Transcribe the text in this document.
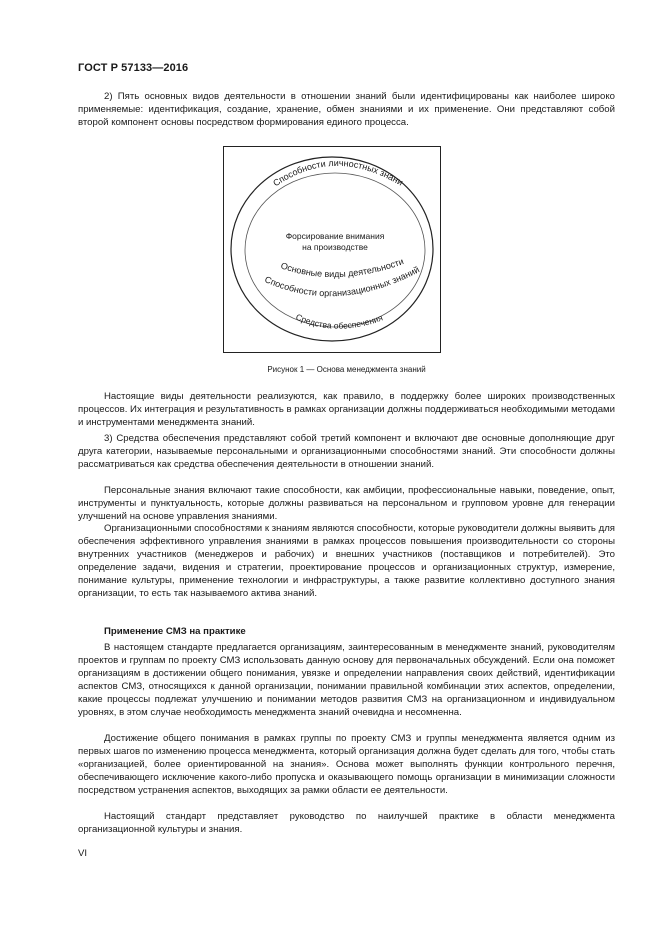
ГОСТ Р 57133—2016

2) Пять основных видов деятельности в отношении знаний были идентифицированы как наиболее широко применяемые: идентификация, создание, хранение, обмен знаниями и их применение. Они представляют собой второй компонент основы посредством формирования единого процесса.

Способности личностных знани
Форсирование внимания
на производстве
Основные виды деятельности
Способности организационных знаний
Средства обеспечения
Рисунок 1 — Основа менеджмента знаний

Настоящие виды деятельности реализуются, как правило, в поддержку более широких производственных процессов. Их интеграция и результативность в рамках организации должны поддерживаться необходимыми методами и инструментами менеджмента знаний.

3) Средства обеспечения представляют собой третий компонент и включают две основные дополняющие друг друга категории, называемые персональными и организационными способностями знаний. Эти способности должны рассматриваться как средства обеспечения деятельности в отношении знаний.

Персональные знания включают такие способности, как амбиции, профессиональные навыки, поведение, опыт, инструменты и пунктуальность, которые должны развиваться на персональном и групповом уровне для генерации улучшений на основе управления знаниями.

Организационными способностями к знаниям являются способности, которые руководители должны выявить для обеспечения эффективного управления знаниями в рамках процессов повышения производительности со стороны внутренних участников (менеджеров и рабочих) и внешних участников (поставщиков и потребителей). Это определение задачи, видения и стратегии, проектирование процессов и организационных структур, измерение, понимание культуры, применение технологии и инфраструктуры, а также развитие коллективно доступного знания организации, то есть так называемого актива знаний.

Применение СМЗ на практике

В настоящем стандарте предлагается организациям, заинтересованным в менеджменте знаний, руководителям проектов и группам по проекту СМЗ использовать данную основу для первоначальных обсуждений. Если она поможет организациям в достижении общего понимания, увязке и определении направления своих действий, идентификации аспектов СМЗ, относящихся к данной организации, понимании правильной комбинации этих аспектов, определении, какие процессы подлежат улучшению и понимании методов развития СМЗ на организационном и индивидуальном уровнях, в этом случае необходимость менеджмента знаний очевидна и несомненна.

Достижение общего понимания в рамках группы по проекту СМЗ и группы менеджмента является одним из первых шагов по изменению процесса менеджмента, который организация должна будет сделать для того, чтобы стать «организацией, более ориентированной на знания». Основа может выполнять функции контрольного перечня, обеспечивающего исключение какого-либо пропуска и оказывающего помощь организации в минимизации сложности посредством устранения аспектов, выходящих за рамки области ее деятельности.

Настоящий стандарт представляет руководство по наилучшей практике в области менеджмента организационной культуры и знания.

VI
